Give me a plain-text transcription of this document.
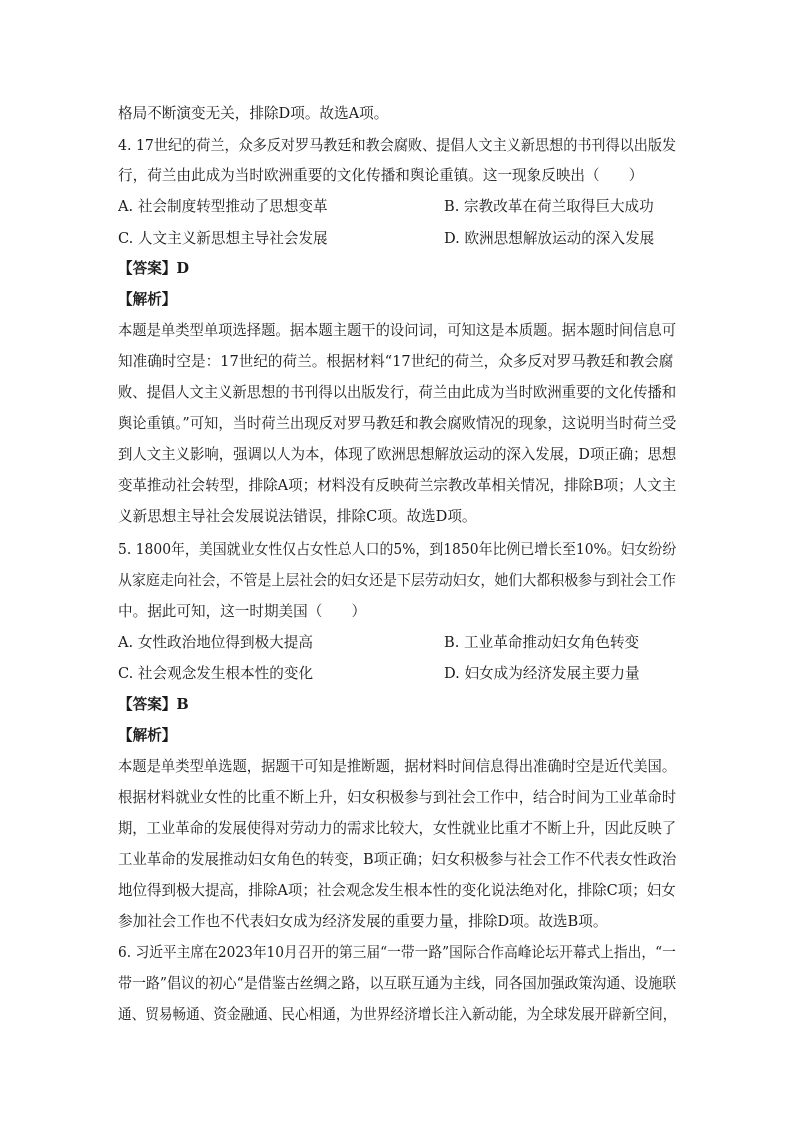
格局不断演变无关，排除D项。故选A项。
4. 17世纪的荷兰，众多反对罗马教廷和教会腐败、提倡人文主义新思想的书刊得以出版发
行，荷兰由此成为当时欧洲重要的文化传播和舆论重镇。这一现象反映出（　　）
A. 社会制度转型推动了思想变革	B. 宗教改革在荷兰取得巨大成功
C. 人文主义新思想主导社会发展	D. 欧洲思想解放运动的深入发展
【答案】D
【解析】
本题是单类型单项选择题。据本题主题干的设问词，可知这是本质题。据本题时间信息可
知准确时空是：17世纪的荷兰。根据材料“17世纪的荷兰，众多反对罗马教廷和教会腐
败、提倡人文主义新思想的书刊得以出版发行，荷兰由此成为当时欧洲重要的文化传播和
舆论重镇。”可知，当时荷兰出现反对罗马教廷和教会腐败情况的现象，这说明当时荷兰受
到人文主义影响，强调以人为本，体现了欧洲思想解放运动的深入发展，D项正确；思想
变革推动社会转型，排除A项；材料没有反映荷兰宗教改革相关情况，排除B项；人文主
义新思想主导社会发展说法错误，排除C项。故选D项。
5. 1800年，美国就业女性仅占女性总人口的5%，到1850年比例已增长至10%。妇女纷纷
从家庭走向社会，不管是上层社会的妇女还是下层劳动妇女，她们大都积极参与到社会工作
中。据此可知，这一时期美国（　　）
A. 女性政治地位得到极大提高	B. 工业革命推动妇女角色转变
C. 社会观念发生根本性的变化	D. 妇女成为经济发展主要力量
【答案】B
【解析】
本题是单类型单选题，据题干可知是推断题，据材料时间信息得出准确时空是近代美国。
根据材料就业女性的比重不断上升，妇女积极参与到社会工作中，结合时间为工业革命时
期，工业革命的发展使得对劳动力的需求比较大，女性就业比重才不断上升，因此反映了
工业革命的发展推动妇女角色的转变，B项正确；妇女积极参与社会工作不代表女性政治
地位得到极大提高，排除A项；社会观念发生根本性的变化说法绝对化，排除C项；妇女
参加社会工作也不代表妇女成为经济发展的重要力量，排除D项。故选B项。
6. 习近平主席在2023年10月召开的第三届“一带一路”国际合作高峰论坛开幕式上指出，“一
带一路”倡议的初心“是借鉴古丝绸之路，以互联互通为主线，同各国加强政策沟通、设施联
通、贸易畅通、资金融通、民心相通，为世界经济增长注入新动能，为全球发展开辟新空间，
